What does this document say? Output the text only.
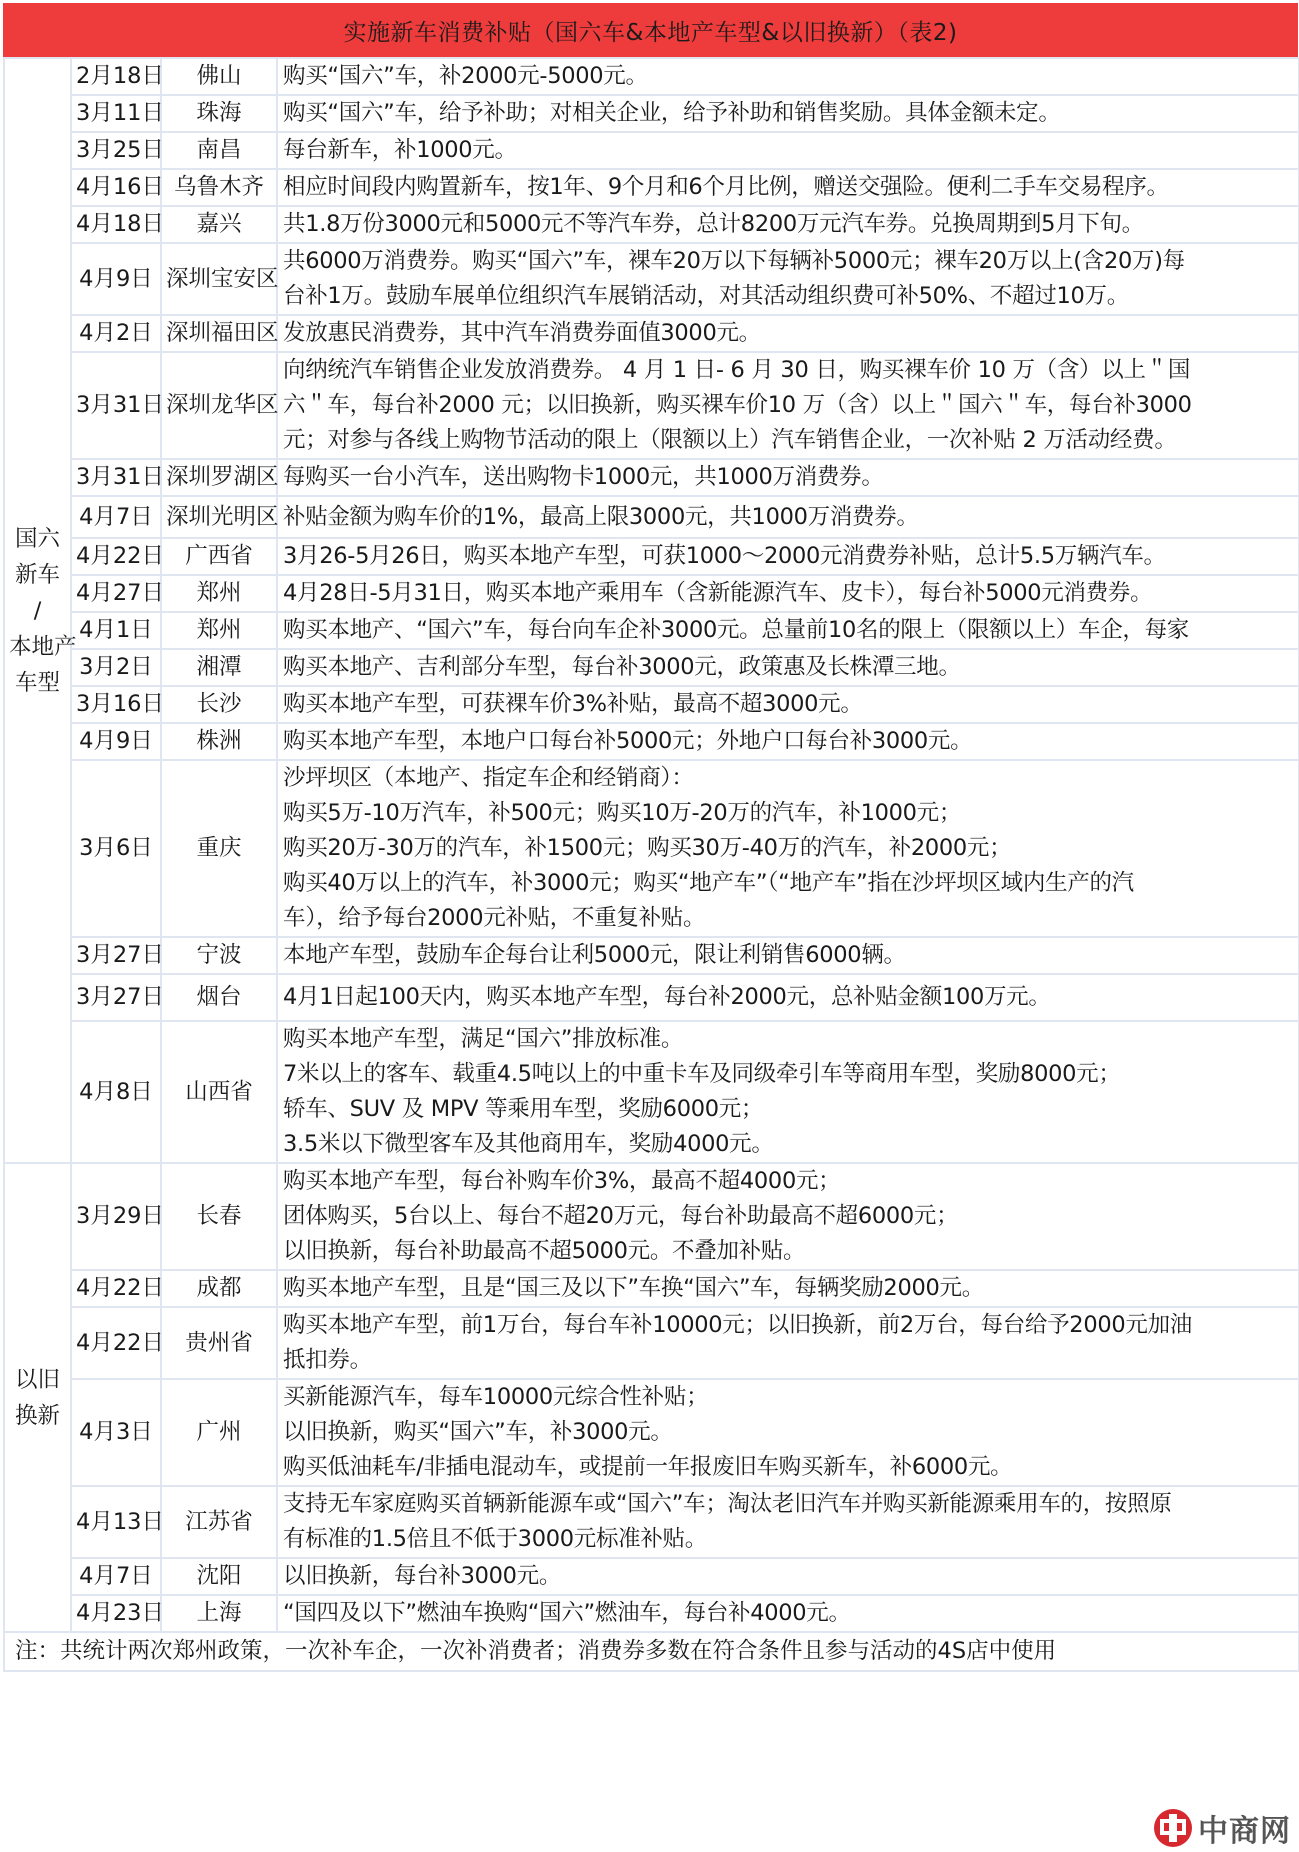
实施新车消费补贴（国六车&本地产车型&以旧换新）（表2)
国六
新车
/
本地产
车型	2月18日	佛山	购买“国六”车，补2000元-5000元。

	3月11日	珠海	购买“国六”车，给予补助；对相关企业，给予补助和销售奖励。具体金额未定。

	3月25日	南昌	每台新车，补1000元。

	4月16日	乌鲁木齐	相应时间段内购置新车，按1年、9个月和6个月比例，赠送交强险。便利二手车交易程序。

	4月18日	嘉兴	共1.8万份3000元和5000元不等汽车券，总计8200万元汽车券。兑换周期到5月下旬。

	4月9日	深圳宝安区	共6000万消费券。购买“国六”车，裸车20万以下每辆补5000元；裸车20万以上(含20万)每
台补1万。鼓励车展单位组织汽车展销活动，对其活动组织费可补50%、不超过10万。

	4月2日	深圳福田区	发放惠民消费券，其中汽车消费券面值3000元。

	3月31日	深圳龙华区	向纳统汽车销售企业发放消费券。 4 月 1 日- 6 月 30 日，购买裸车价 10 万（含）以上＂国
六＂车，每台补2000 元；以旧换新，购买裸车价10 万（含）以上＂国六＂车，每台补3000
元；对参与各线上购物节活动的限上（限额以上）汽车销售企业，一次补贴 2 万活动经费。

	3月31日	深圳罗湖区	每购买一台小汽车，送出购物卡1000元，共1000万消费券。

	4月7日	深圳光明区	补贴金额为购车价的1%，最高上限3000元，共1000万消费券。

	4月22日	广西省	3月26-5月26日，购买本地产车型，可获1000～2000元消费券补贴，总计5.5万辆汽车。

	4月27日	郑州	4月28日-5月31日，购买本地产乘用车（含新能源汽车、皮卡），每台补5000元消费券。

	4月1日	郑州	购买本地产、“国六”车，每台向车企补3000元。总量前10名的限上（限额以上）车企，每家

	3月2日	湘潭	购买本地产、吉利部分车型，每台补3000元，政策惠及长株潭三地。

	3月16日	长沙	购买本地产车型，可获裸车价3%补贴，最高不超3000元。

	4月9日	株洲	购买本地产车型，本地户口每台补5000元；外地户口每台补3000元。

	3月6日	重庆	沙坪坝区（本地产、指定车企和经销商）：
购买5万-10万汽车，补500元；购买10万-20万的汽车，补1000元；
购买20万-30万的汽车，补1500元；购买30万-40万的汽车，补2000元；
购买40万以上的汽车，补3000元；购买“地产车”（“地产车”指在沙坪坝区域内生产的汽
车），给予每台2000元补贴，不重复补贴。

	3月27日	宁波	本地产车型，鼓励车企每台让利5000元，限让利销售6000辆。

	3月27日	烟台	4月1日起100天内，购买本地产车型，每台补2000元，总补贴金额100万元。

	4月8日	山西省	购买本地产车型，满足“国六”排放标准。
7米以上的客车、载重4.5吨以上的中重卡车及同级牵引车等商用车型，奖励8000元；
轿车、SUV 及 MPV 等乘用车型，奖励6000元；
3.5米以下微型客车及其他商用车，奖励4000元。

以旧
换新	3月29日	长春	购买本地产车型，每台补购车价3%，最高不超4000元；
团体购买，5台以上、每台不超20万元，每台补助最高不超6000元；
以旧换新，每台补助最高不超5000元。不叠加补贴。

	4月22日	成都	购买本地产车型，且是“国三及以下”车换“国六”车，每辆奖励2000元。

	4月22日	贵州省	购买本地产车型，前1万台，每台车补10000元；以旧换新，前2万台，每台给予2000元加油
抵扣券。

	4月3日	广州	买新能源汽车，每车10000元综合性补贴；
以旧换新，购买“国六”车，补3000元。
购买低油耗车/非插电混动车，或提前一年报废旧车购买新车，补6000元。

	4月13日	江苏省	支持无车家庭购买首辆新能源车或“国六”车；淘汰老旧汽车并购买新能源乘用车的，按照原
有标准的1.5倍且不低于3000元标准补贴。

	4月7日	沈阳	以旧换新，每台补3000元。

	4月23日	上海	“国四及以下”燃油车换购“国六”燃油车，每台补4000元。

注：共统计两次郑州政策，一次补车企，一次补消费者；消费券多数在符合条件且参与活动的4S店中使用			
中商网
